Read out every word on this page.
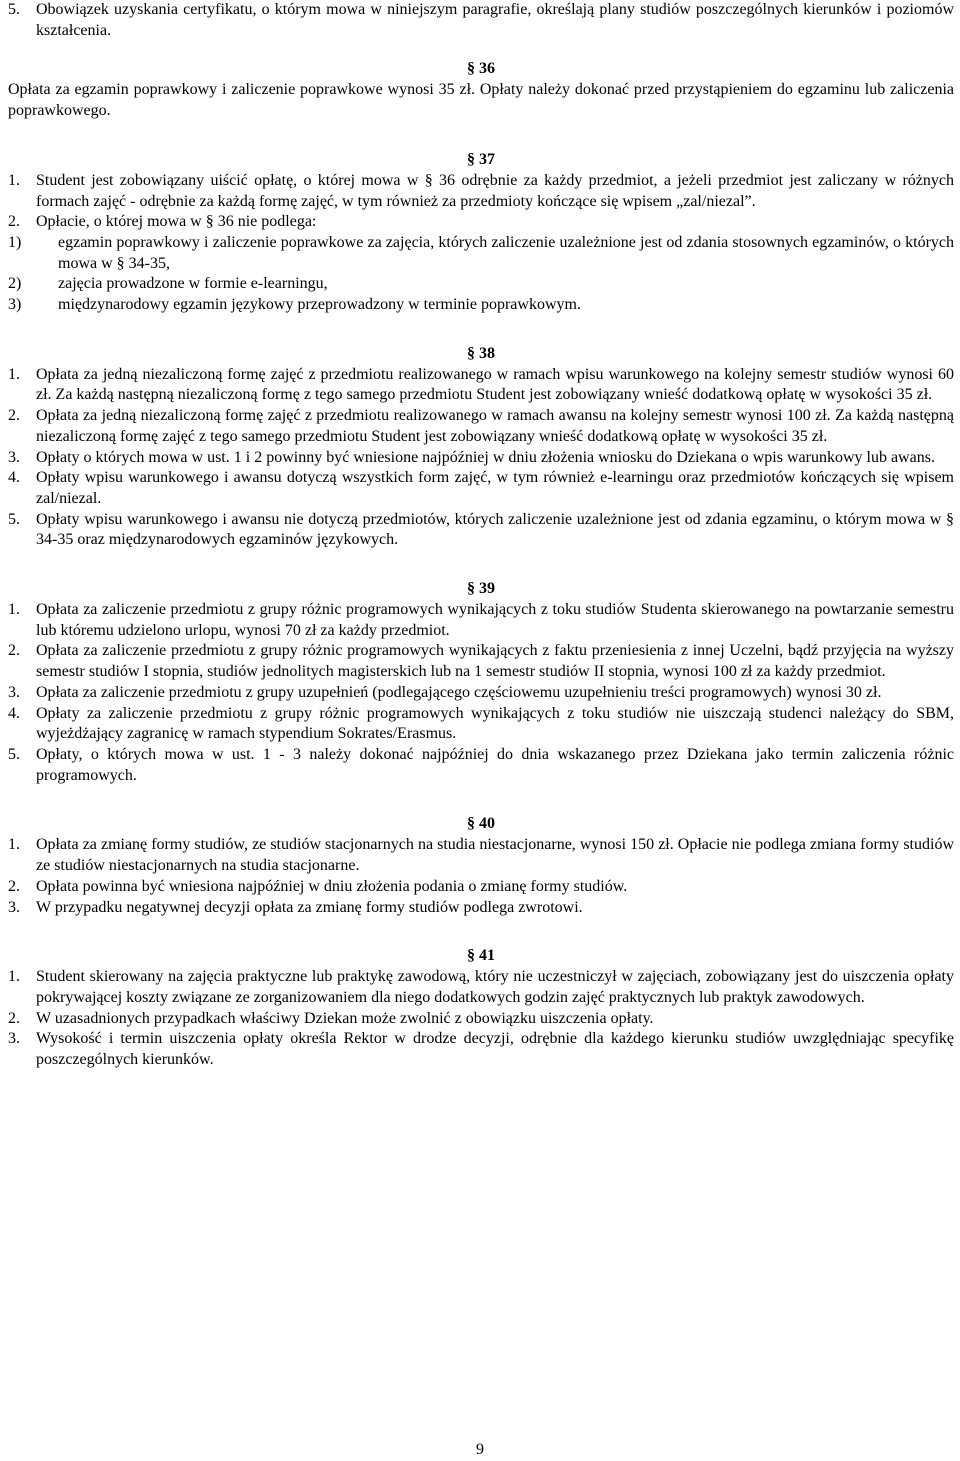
5. Obowiązek uzyskania certyfikatu, o którym mowa w niniejszym paragrafie, określają plany studiów poszczególnych kierunków i poziomów kształcenia.
§ 36
Opłata za egzamin poprawkowy i zaliczenie poprawkowe wynosi 35 zł. Opłaty należy dokonać przed przystąpieniem do egzaminu lub zaliczenia poprawkowego.
§ 37
1. Student jest zobowiązany uiścić opłatę, o której mowa w § 36 odrębnie za każdy przedmiot, a jeżeli przedmiot jest zaliczany w różnych formach zajęć - odrębnie za każdą formę zajęć, w tym również za przedmioty kończące się wpisem „zal/niezal”.
2. Opłacie, o której mowa w § 36 nie podlega:
1) egzamin poprawkowy i zaliczenie poprawkowe za zajęcia, których zaliczenie uzależnione jest od zdania stosownych egzaminów, o których mowa w § 34-35,
2) zajęcia prowadzone w formie e-learningu,
3) międzynarodowy egzamin językowy przeprowadzony w terminie poprawkowym.
§ 38
1. Opłata za jedną niezaliczoną formę zajęć z przedmiotu realizowanego w ramach wpisu warunkowego na kolejny semestr studiów wynosi 60 zł. Za każdą następną niezaliczoną formę z tego samego przedmiotu Student jest zobowiązany wnieść dodatkową opłatę w wysokości 35 zł.
2. Opłata za jedną niezaliczoną formę zajęć z przedmiotu realizowanego w ramach awansu na kolejny semestr wynosi 100 zł. Za każdą następną niezaliczoną formę zajęć z tego samego przedmiotu Student jest zobowiązany wnieść dodatkową opłatę w wysokości 35 zł.
3. Opłaty o których mowa w ust. 1 i 2 powinny być wniesione najpóźniej w dniu złożenia wniosku do Dziekana o wpis warunkowy lub awans.
4. Opłaty wpisu warunkowego i awansu dotyczą wszystkich form zajęć, w tym również e-learningu oraz przedmiotów kończących się wpisem zal/niezal.
5. Opłaty wpisu warunkowego i awansu nie dotyczą przedmiotów, których zaliczenie uzależnione jest od zdania egzaminu, o którym mowa w § 34-35 oraz międzynarodowych egzaminów językowych.
§ 39
1. Opłata za zaliczenie przedmiotu z grupy różnic programowych wynikających z toku studiów Studenta skierowanego na powtarzanie semestru lub któremu udzielono urlopu, wynosi 70 zł za każdy przedmiot.
2. Opłata za zaliczenie przedmiotu z grupy różnic programowych wynikających z faktu przeniesienia z innej Uczelni, bądź przyjęcia na wyższy semestr studiów I stopnia, studiów jednolitych magisterskich lub na 1 semestr studiów II stopnia, wynosi 100 zł za każdy przedmiot.
3. Opłata za zaliczenie przedmiotu z grupy uzupełnień (podlegającego częściowemu uzupełnieniu treści programowych) wynosi 30 zł.
4. Opłaty za zaliczenie przedmiotu z grupy różnic programowych wynikających z toku studiów nie uiszczają studenci należący do SBM, wyjeżdżający zagranicę w ramach stypendium Sokrates/Erasmus.
5. Opłaty, o których mowa w ust. 1 - 3 należy dokonać najpóźniej do dnia wskazanego przez Dziekana jako termin zaliczenia różnic programowych.
§ 40
1. Opłata za zmianę formy studiów, ze studiów stacjonarnych na studia niestacjonarne, wynosi 150 zł. Opłacie nie podlega zmiana formy studiów ze studiów niestacjonarnych na studia stacjonarne.
2. Opłata powinna być wniesiona najpóźniej w dniu złożenia podania o zmianę formy studiów.
3. W przypadku negatywnej decyzji opłata za zmianę formy studiów podlega zwrotowi.
§ 41
1. Student skierowany na zajęcia praktyczne lub praktykę zawodową, który nie uczestniczył w zajęciach, zobowiązany jest do uiszczenia opłaty pokrywającej koszty związane ze zorganizowaniem dla niego dodatkowych godzin zajęć praktycznych lub praktyk zawodowych.
2. W uzasadnionych przypadkach właściwy Dziekan może zwolnić z obowiązku uiszczenia opłaty.
3. Wysokość i termin uiszczenia opłaty określa Rektor w drodze decyzji, odrębnie dla każdego kierunku studiów uwzględniając specyfikę poszczególnych kierunków.
9
